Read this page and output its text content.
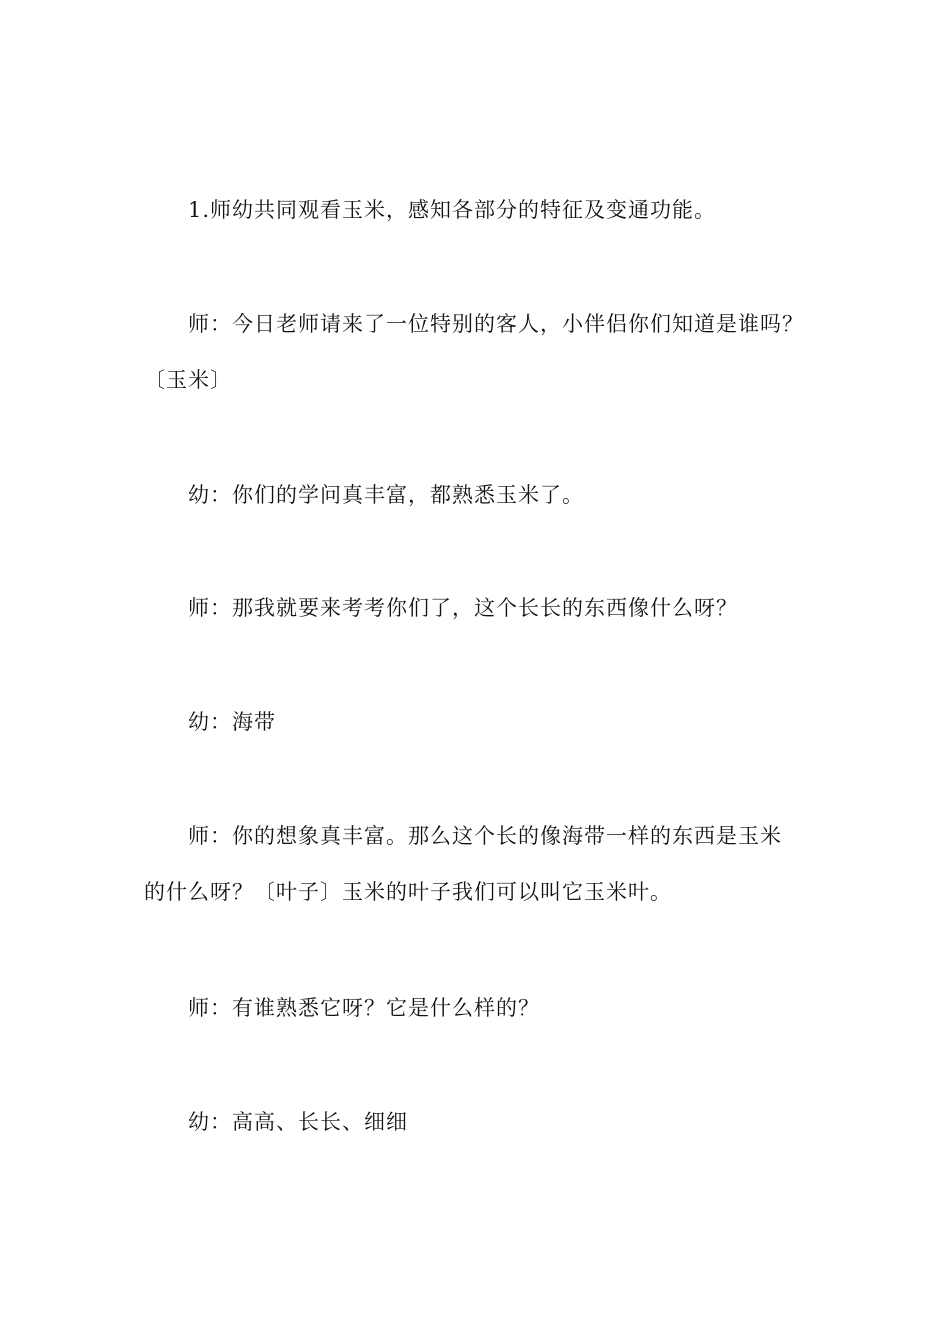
1.师幼共同观看玉米，感知各部分的特征及变通功能。

师：今日老师请来了一位特别的客人，小伴侣你们知道是谁吗？
〔玉米〕

幼：你们的学问真丰富，都熟悉玉米了。

师：那我就要来考考你们了，这个长长的东西像什么呀？

幼：海带

师：你的想象真丰富。那么这个长的像海带一样的东西是玉米
的什么呀？〔叶子〕玉米的叶子我们可以叫它玉米叶。

师：有谁熟悉它呀？它是什么样的？

幼：高高、长长、细细
